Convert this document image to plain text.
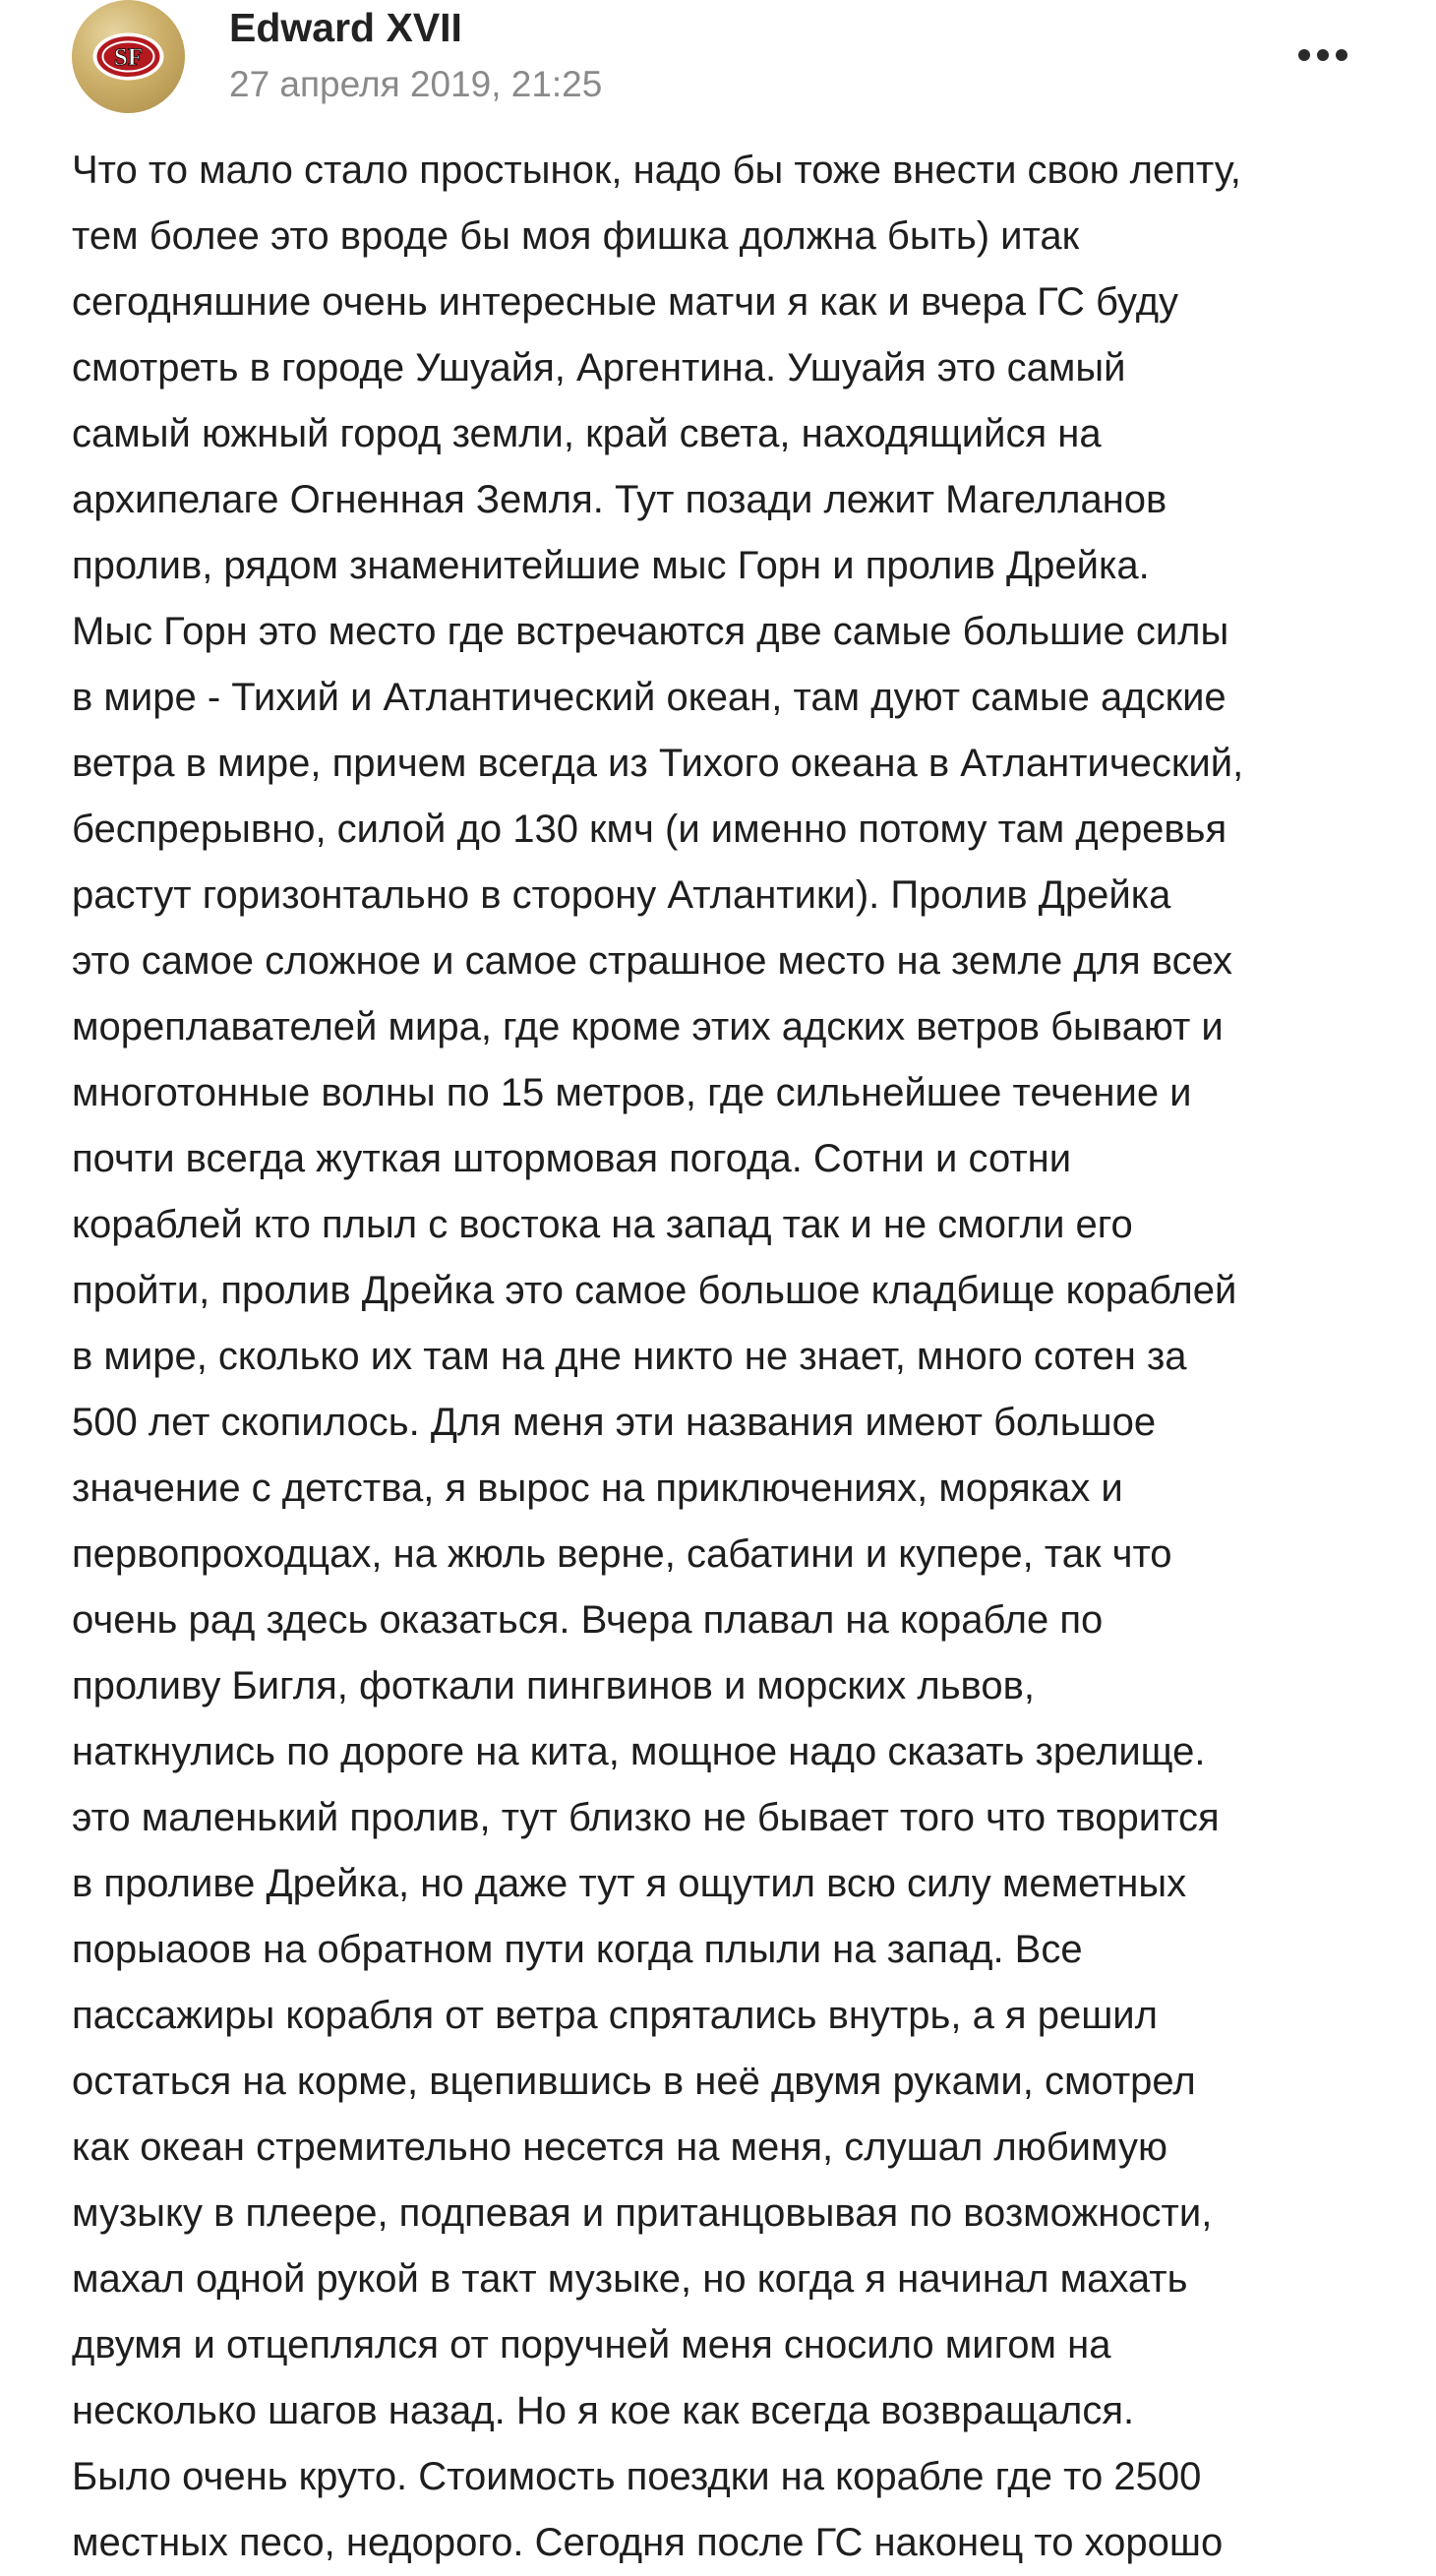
SF
Edward XVII
27 апреля 2019, 21:25
Что то мало стало простынок, надо бы тоже внести свою лепту,
тем более это вроде бы моя фишка должна быть) итак
сегодняшние очень интересные матчи я как и вчера ГС буду
смотреть в городе Ушуайя, Аргентина. Ушуайя это самый
самый южный город земли, край света, находящийся на
архипелаге Огненная Земля. Тут позади лежит Магелланов
пролив, рядом знаменитейшие мыс Горн и пролив Дрейка.
Мыс Горн это место где встречаются две самые большие силы
в мире - Тихий и Атлантический океан, там дуют самые адские
ветра в мире, причем всегда из Тихого океана в Атлантический,
беспрерывно, силой до 130 кмч (и именно потому там деревья
растут горизонтально в сторону Атлантики). Пролив Дрейка
это самое сложное и самое страшное место на земле для всех
мореплавателей мира, где кроме этих адских ветров бывают и
многотонные волны по 15 метров, где сильнейшее течение и
почти всегда жуткая штормовая погода. Сотни и сотни
кораблей кто плыл с востока на запад так и не смогли его
пройти, пролив Дрейка это самое большое кладбище кораблей
в мире, сколько их там на дне никто не знает, много сотен за
500 лет скопилось. Для меня эти названия имеют большое
значение с детства, я вырос на приключениях, моряках и
первопроходцах, на жюль верне, сабатини и купере, так что
очень рад здесь оказаться. Вчера плавал на корабле по
проливу Бигля, фоткали пингвинов и морских львов,
наткнулись по дороге на кита, мощное надо сказать зрелище.
это маленький пролив, тут близко не бывает того что творится
в проливе Дрейка, но даже тут я ощутил всю силу меметных
порыаоов на обратном пути когда плыли на запад. Все
пассажиры корабля от ветра спрятались внутрь, а я решил
остаться на корме, вцепившись в неё двумя руками, смотрел
как океан стремительно несется на меня, слушал любимую
музыку в плеере, подпевая и пританцовывая по возможности,
махал одной рукой в такт музыке, но когда я начинал махать
двумя и отцеплялся от поручней меня сносило мигом на
несколько шагов назад. Но я кое как всегда возвращался.
Было очень круто. Стоимость поездки на корабле где то 2500
местных песо, недорого. Сегодня после ГС наконец то хорошо
